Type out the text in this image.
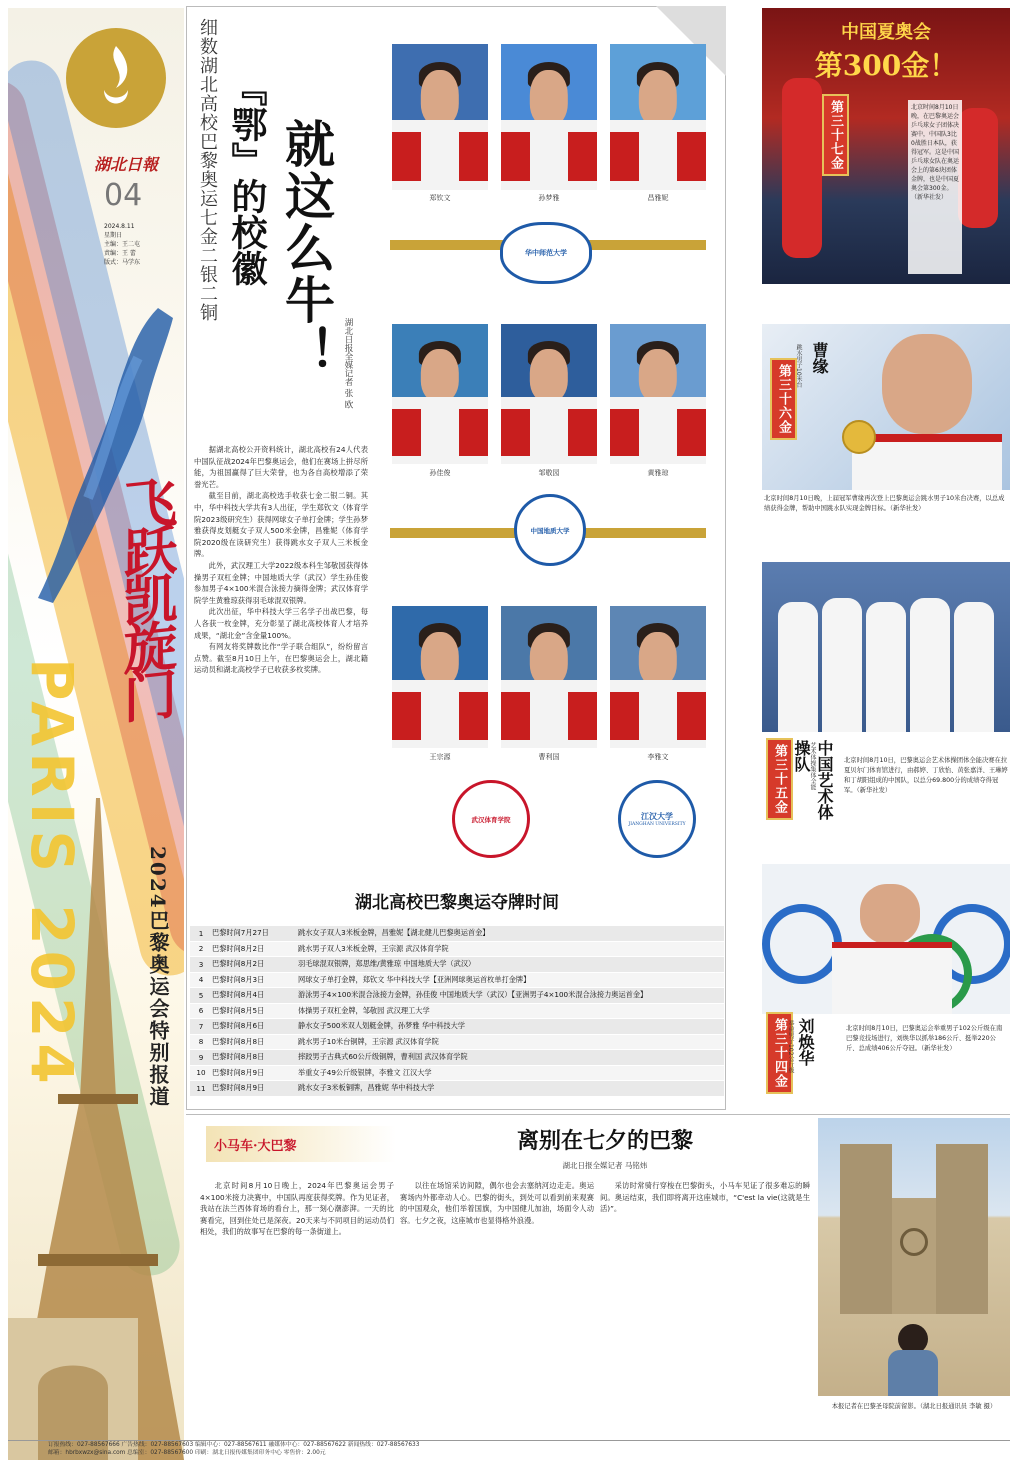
湖北日報
04
2024.8.11
星期日
主编：王二屯
责编：王 蕾
版式：马学东
飞跃凯旋门
PARIS 2024	2024巴黎奥运会特别报道
就这么牛！
『鄂』的校徽
细数湖北高校巴黎奥运七金二银二铜
湖北日报全媒记者 张 欧

据湖北高校公开资料统计，湖北高校有24人代表中国队征战2024年巴黎奥运会，他们在赛场上拼尽所能，为祖国赢得了巨大荣誉，也为各自高校增添了荣誉光芒。

截至目前，湖北高校选手收获七金二银二铜。其中，华中科技大学共有3人出征，学生郑钦文（体育学院2023级研究生）获得网球女子单打金牌；学生孙梦雅获得皮划艇女子双人500米金牌，昌雅妮（体育学院2020级在读研究生）获得跳水女子双人三米板金牌。

此外，武汉理工大学2022级本科生邹敬园获得体操男子双杠金牌；中国地质大学（武汉）学生孙佳俊参加男子4×100米混合泳接力摘得金牌；武汉体育学院学生黄雅琼获得羽毛球混双银牌。

此次出征，华中科技大学三名学子出战巴黎，每人各获一枚金牌，充分彰显了湖北高校体育人才培养成果，“湖北金”含金量100%。

有网友将奖牌数比作“学子联合组队”，纷纷留言点赞。截至8月10日上午，在巴黎奥运会上，湖北籍运动员和湖北高校学子已收获多枚奖牌。

郑钦文	孙梦雅	昌雅妮
华中师范大学
孙佳俊	邹敬园	黄雅琼
中国地质大学
王宗源	曹利国	李雅文
武汉体育学院	江汉大学
JIANGHAN UNIVERSITY
湖北高校巴黎奥运夺牌时间
1	巴黎时间7月27日	跳水女子双人3米板金牌，昌雅妮【湖北健儿巴黎奥运首金】
2	巴黎时间8月2日	跳水男子双人3米板金牌，王宗源 武汉体育学院
3	巴黎时间8月2日	羽毛球混双银牌，郑思维/黄雅琼 中国地质大学（武汉）
4	巴黎时间8月3日	网球女子单打金牌，郑钦文 华中科技大学【亚洲网球奥运首枚单打金牌】
5	巴黎时间8月4日	游泳男子4×100米混合泳接力金牌，孙佳俊 中国地质大学（武汉）【亚洲男子4×100米混合泳接力奥运首金】
6	巴黎时间8月5日	体操男子双杠金牌，邹敬园 武汉理工大学
7	巴黎时间8月6日	静水女子500米双人划艇金牌，孙梦雅 华中科技大学
8	巴黎时间8月8日	跳水男子10米台铜牌，王宗源 武汉体育学院
9	巴黎时间8月8日	摔跤男子古典式60公斤级铜牌，曹利国 武汉体育学院
10 巴黎时间8月9日	举重女子49公斤级银牌，李雅文 江汉大学
11 巴黎时间8月9日	跳水女子3米板铜牌，昌雅妮 华中科技大学
中国夏奥会
第300金！
北京时间8月10日晚，在巴黎奥运会乒乓球女子团体决赛中，中国队3比0战胜日本队，获得冠军。这是中国乒乓球女队在奥运会上的第6块团体金牌，也是中国夏奥会第300金。（新华社发）
第三十七金
第三十六金
曹缘
跳水男子10米台
北京时间8月10日晚，上届冠军曹缘再次登上巴黎奥运会跳水男子10米台决赛，以总成绩获得金牌，帮助中国跳水队实现金牌目标。（新华社发）
第三十五金	中国艺术体操队
艺术体操集体全能	北京时间8月10日，巴黎奥运会艺术体操团体全能决赛在拉夏贝尔门体育馆进行，由郝婷、丁欣怡、黄张嘉洋、王琳婷和丁胡阳组成的中国队，以总分69.800分的成绩夺得冠军。（新华社发）
第三十四金 刘焕华
举重男子102公斤级	北京时间8月10日，巴黎奥运会举重男子102公斤级在南巴黎竞技场进行，刘焕华以抓举186公斤、挺举220公斤、总成绩406公斤夺冠。（新华社发）
小马车·大巴黎	离别在七夕的巴黎
湖北日报全媒记者 马铭炜

北京时间8月10日晚上，2024年巴黎奥运会男子4×100米接力决赛中，中国队再度获得奖牌。作为见证者，我站在法兰西体育场的看台上，那一刻心潮澎湃。一天的比赛看完，回到住处已是深夜。20天来与不同项目的运动员们相处，我们的故事写在巴黎的每一条街道上。

以往在场馆采访间隙，偶尔也会去塞纳河边走走。奥运赛场内外都牵动人心。巴黎的街头，到处可以看到前来观赛的中国观众，他们举着国旗，为中国健儿加油，场面令人动容。七夕之夜，这座城市也显得格外浪漫。

采访时常骑行穿梭在巴黎街头，小马车见证了很多难忘的瞬间。奥运结束，我们即将离开这座城市，“C'est la vie(这就是生活)”。

本报记者在巴黎圣母院前留影。（湖北日报通讯员 李敏 摄）
订报热线：027-88567666 广告热线：027-88567603 编辑中心：027-88567611 融媒体中心：027-88567622 新闻热线：027-88567633
邮箱：hbrbxwzx@sina.com 总编室：027-88567600 印刷：湖北日报传媒集团印务中心 零售价：2.00元
